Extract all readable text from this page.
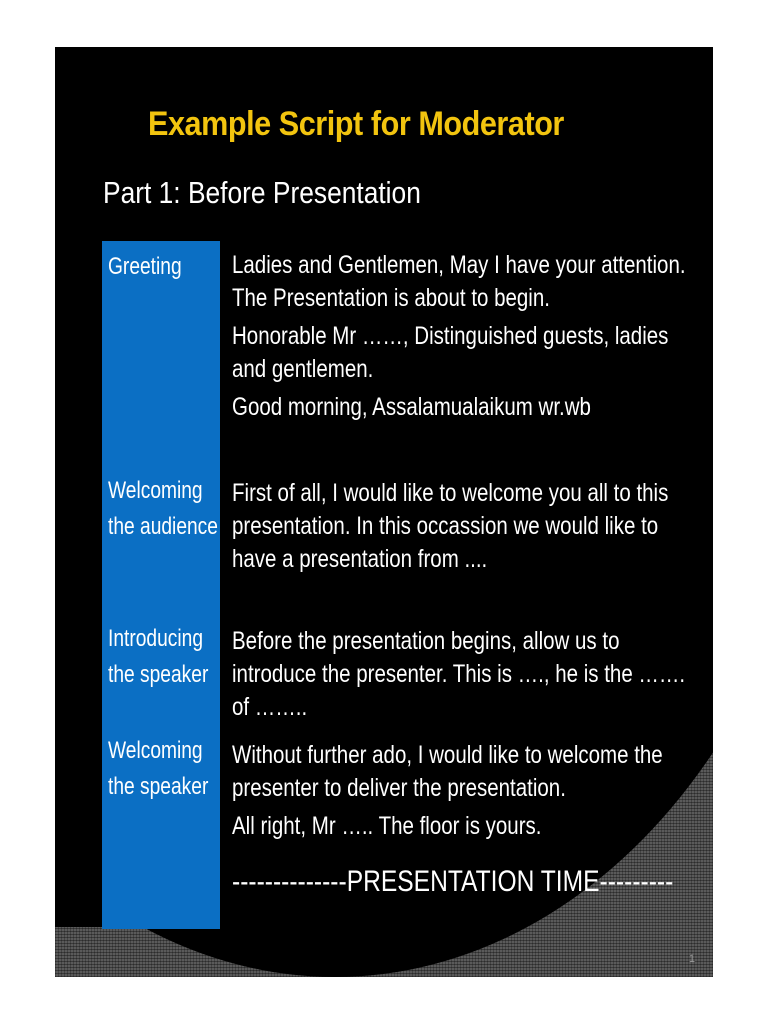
Example Script for Moderator
Part 1: Before Presentation
Greeting
Welcoming
the audience
Introducing
the speaker
Welcoming
the speaker

Ladies and Gentlemen, May I have your attention. The Presentation is about to begin.

Honorable Mr ……, Distinguished guests, ladies and gentlemen.

Good morning, Assalamualaikum wr.wb

First of all, I would like to welcome you all to this presentation. In this occassion we would like to have a presentation from ....

Before the presentation begins, allow us to introduce the presenter. This is …., he is the ……. of ……..

Without further ado, I would like to welcome the presenter to deliver the presentation.

All right, Mr ….. The floor is yours.

--------------PRESENTATION TIME---------
1
